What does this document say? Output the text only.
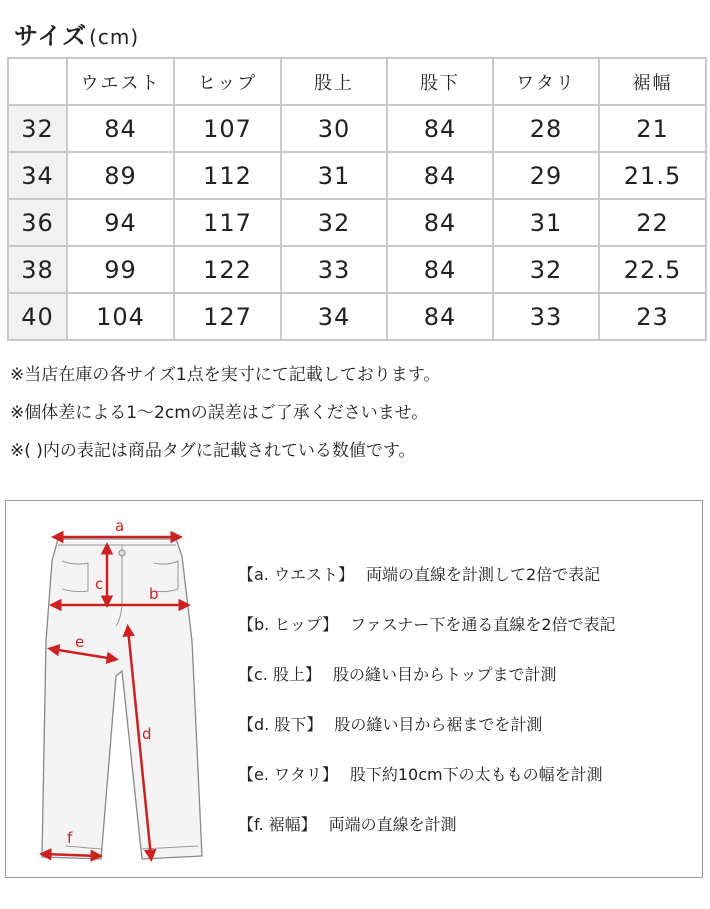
サイズ (cm)
	ウエスト	ヒップ	股上	股下	ワタリ	裾幅
32	84	107	30	84	28	21
34	89	112	31	84	29	21.5
36	94	117	32	84	31	22
38	99	122	33	84	32	22.5
40	104	127	34	84	33	23
※当店在庫の各サイズ1点を実寸にて記載しております。
※個体差による1〜2cmの誤差はご了承くださいませ。
※( )内の表記は商品タグに記載されている数値です。
a
b
c
d
e
f
【a. ウエスト】 両端の直線を計測して2倍で表記
【b. ヒップ】 ファスナー下を通る直線を2倍で表記
【c. 股上】 股の縫い目からトップまで計測
【d. 股下】 股の縫い目から裾までを計測
【e. ワタリ】 股下約10cm下の太ももの幅を計測
【f. 裾幅】 両端の直線を計測
